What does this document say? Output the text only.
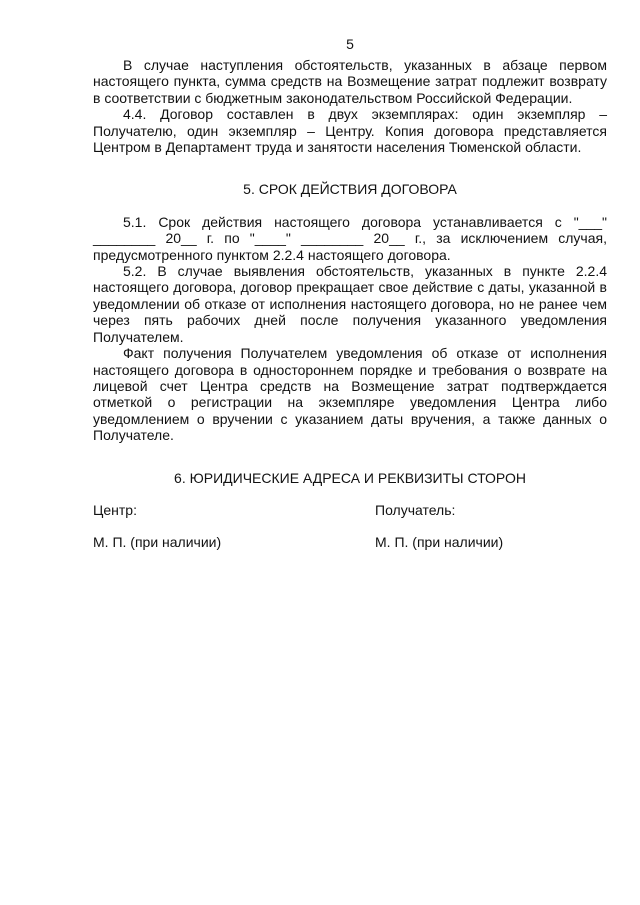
5

В случае наступления обстоятельств, указанных в абзаце первом настоящего пункта, сумма средств на Возмещение затрат подлежит возврату в соответствии с бюджетным законодательством Российской Федерации.

4.4. Договор составлен в двух экземплярах: один экземпляр – Получателю, один экземпляр – Центру. Копия договора представляется Центром в Департамент труда и занятости населения Тюменской области.

5. СРОК ДЕЙСТВИЯ ДОГОВОРА

5.1. Срок действия настоящего договора устанавливается с "___" ________ 20__ г. по "____" ________ 20__ г., за исключением случая, предусмотренного пунктом 2.2.4 настоящего договора.

5.2. В случае выявления обстоятельств, указанных в пункте 2.2.4 настоящего договора, договор прекращает свое действие с даты, указанной в уведомлении об отказе от исполнения настоящего договора, но не ранее чем через пять рабочих дней после получения указанного уведомления Получателем.

Факт получения Получателем уведомления об отказе от исполнения настоящего договора в одностороннем порядке и требования о возврате на лицевой счет Центра средств на Возмещение затрат подтверждается отметкой о регистрации на экземпляре уведомления Центра либо уведомлением о вручении с указанием даты вручения, а также данных о Получателе.

6. ЮРИДИЧЕСКИЕ АДРЕСА И РЕКВИЗИТЫ СТОРОН
Центр:	Получатель:
М. П. (при наличии)	М. П. (при наличии)
